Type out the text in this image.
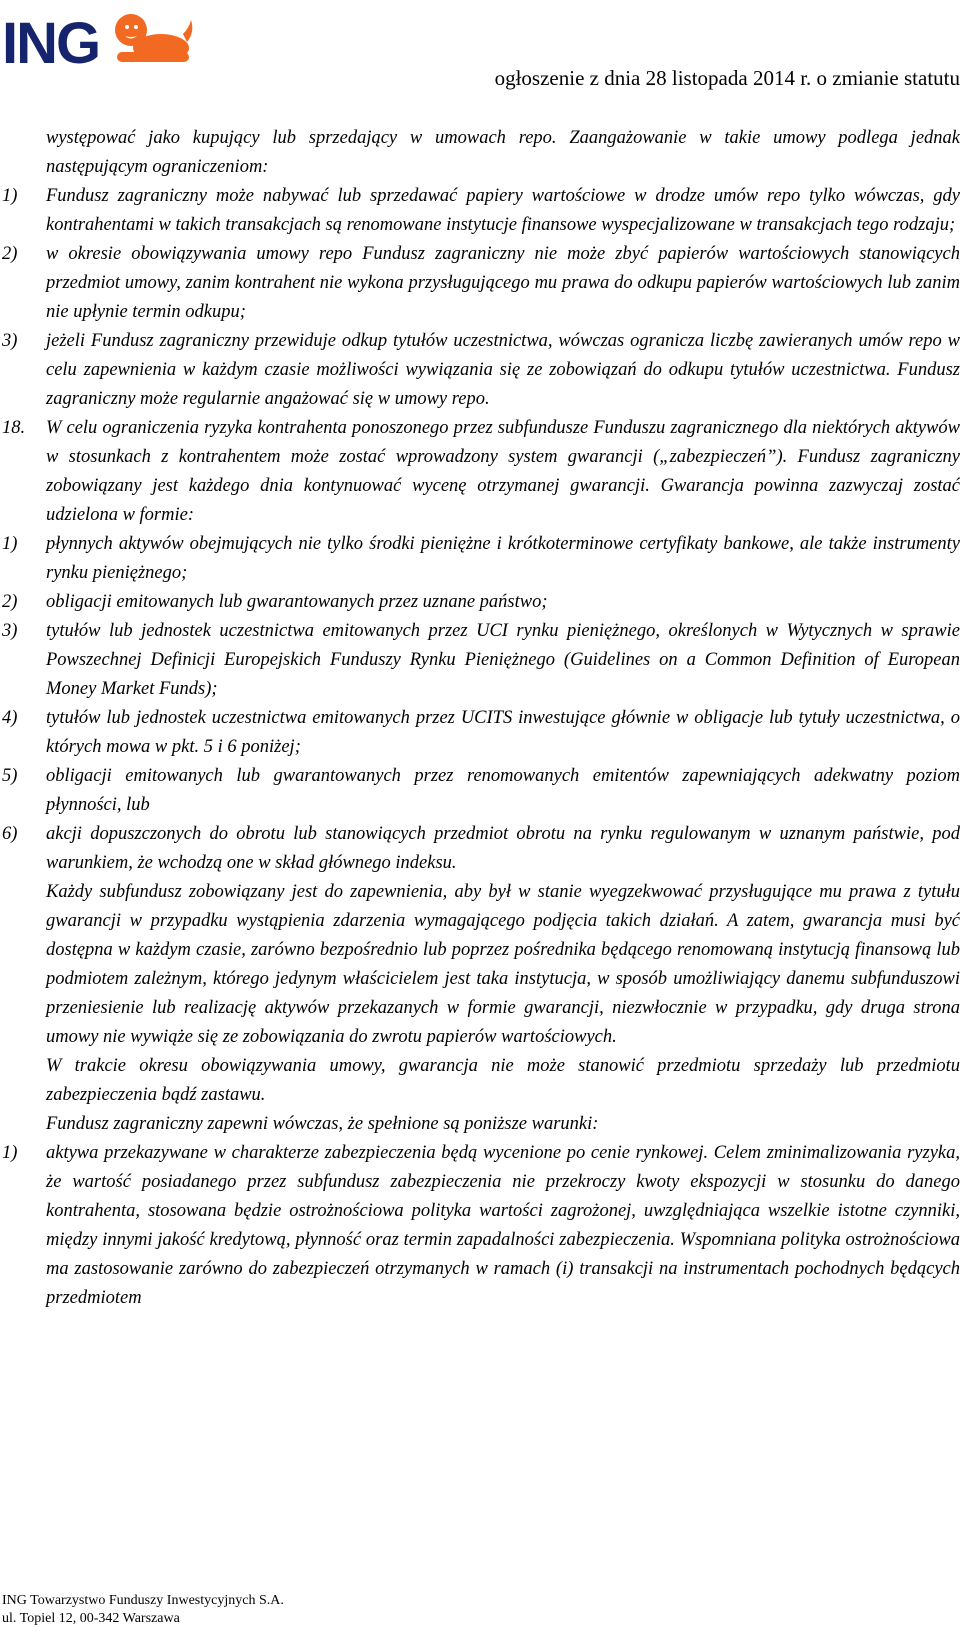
ING
ogłoszenie z dnia 28 listopada 2014 r. o zmianie statutu

występować jako kupujący lub sprzedający w umowach repo. Zaangażowanie w takie umowy podlega jednak następującym ograniczeniom:

1) Fundusz zagraniczny może nabywać lub sprzedawać papiery wartościowe w drodze umów repo tylko wówczas, gdy kontrahentami w takich transakcjach są renomowane instytucje finansowe wyspecjalizowane w transakcjach tego rodzaju;

2) w okresie obowiązywania umowy repo Fundusz zagraniczny nie może zbyć papierów wartościowych stanowiących przedmiot umowy, zanim kontrahent nie wykona przysługującego mu prawa do odkupu papierów wartościowych lub zanim nie upłynie termin odkupu;

3) jeżeli Fundusz zagraniczny przewiduje odkup tytułów uczestnictwa, wówczas ogranicza liczbę zawieranych umów repo w celu zapewnienia w każdym czasie możliwości wywiązania się ze zobowiązań do odkupu tytułów uczestnictwa. Fundusz zagraniczny może regularnie angażować się w umowy repo.

18. W celu ograniczenia ryzyka kontrahenta ponoszonego przez subfundusze Funduszu zagranicznego dla niektórych aktywów w stosunkach z kontrahentem może zostać wprowadzony system gwarancji („zabezpieczeń”). Fundusz zagraniczny zobowiązany jest każdego dnia kontynuować wycenę otrzymanej gwarancji. Gwarancja powinna zazwyczaj zostać udzielona w formie:

1) płynnych aktywów obejmujących nie tylko środki pieniężne i krótkoterminowe certyfikaty bankowe, ale także instrumenty rynku pieniężnego;

2) obligacji emitowanych lub gwarantowanych przez uznane państwo;

3) tytułów lub jednostek uczestnictwa emitowanych przez UCI rynku pieniężnego, określonych w Wytycznych w sprawie Powszechnej Definicji Europejskich Funduszy Rynku Pieniężnego (Guidelines on a Common Definition of European Money Market Funds);

4) tytułów lub jednostek uczestnictwa emitowanych przez UCITS inwestujące głównie w obligacje lub tytuły uczestnictwa, o których mowa w pkt. 5 i 6 poniżej;

5) obligacji emitowanych lub gwarantowanych przez renomowanych emitentów zapewniających adekwatny poziom płynności, lub

6) akcji dopuszczonych do obrotu lub stanowiących przedmiot obrotu na rynku regulowanym w uznanym państwie, pod warunkiem, że wchodzą one w skład głównego indeksu.

Każdy subfundusz zobowiązany jest do zapewnienia, aby był w stanie wyegzekwować przysługujące mu prawa z tytułu gwarancji w przypadku wystąpienia zdarzenia wymagającego podjęcia takich działań. A zatem, gwarancja musi być dostępna w każdym czasie, zarówno bezpośrednio lub poprzez pośrednika będącego renomowaną instytucją finansową lub podmiotem zależnym, którego jedynym właścicielem jest taka instytucja, w sposób umożliwiający danemu subfunduszowi przeniesienie lub realizację aktywów przekazanych w formie gwarancji, niezwłocznie w przypadku, gdy druga strona umowy nie wywiąże się ze zobowiązania do zwrotu papierów wartościowych.

W trakcie okresu obowiązywania umowy, gwarancja nie może stanowić przedmiotu sprzedaży lub przedmiotu zabezpieczenia bądź zastawu.

Fundusz zagraniczny zapewni wówczas, że spełnione są poniższe warunki:

1) aktywa przekazywane w charakterze zabezpieczenia będą wycenione po cenie rynkowej. Celem zminimalizowania ryzyka, że wartość posiadanego przez subfundusz zabezpieczenia nie przekroczy kwoty ekspozycji w stosunku do danego kontrahenta, stosowana będzie ostrożnościowa polityka wartości zagrożonej, uwzględniająca wszelkie istotne czynniki, między innymi jakość kredytową, płynność oraz termin zapadalności zabezpieczenia. Wspomniana polityka ostrożnościowa ma zastosowanie zarówno do zabezpieczeń otrzymanych w ramach (i) transakcji na instrumentach pochodnych będących przedmiotem

ING Towarzystwo Funduszy Inwestycyjnych S.A.
ul. Topiel 12, 00-342 Warszawa
